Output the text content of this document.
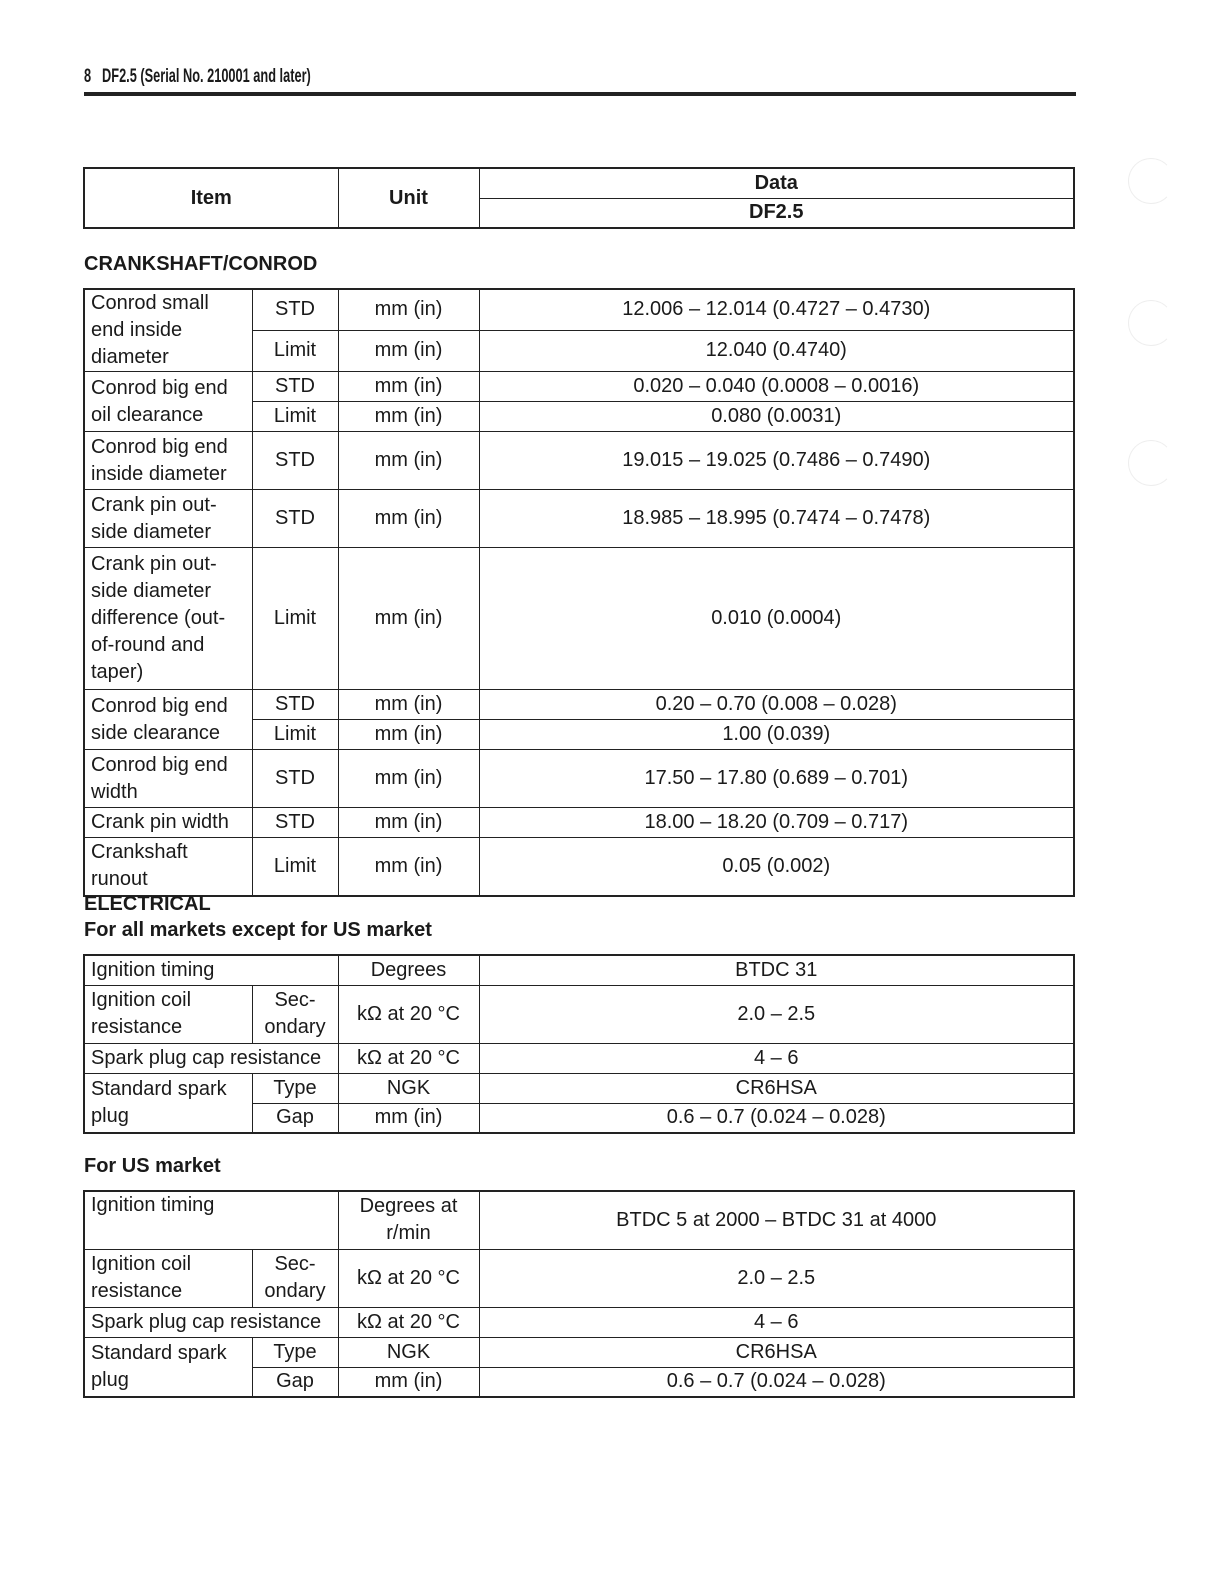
8 DF2.5 (Serial No. 210001 and later)
Item	Unit	Data
DF2.5
CRANKSHAFT/CONROD
Conrod small end inside diameter	STD	mm (in)	12.006 – 12.014 (0.4727 – 0.4730)
	Limit	mm (in)	12.040 (0.4740)
Conrod big end oil clearance	STD	mm (in)	0.020 – 0.040 (0.0008 – 0.0016)
	Limit	mm (in)	0.080 (0.0031)
Conrod big end inside diameter	STD	mm (in)	19.015 – 19.025 (0.7486 – 0.7490)
Crank pin out-side diameter	STD	mm (in)	18.985 – 18.995 (0.7474 – 0.7478)
Crank pin out-side diameter difference (out-of-round and taper)	Limit	mm (in)	0.010 (0.0004)
Conrod big end side clearance	STD	mm (in)	0.20 – 0.70 (0.008 – 0.028)
	Limit	mm (in)	1.00 (0.039)
Conrod big end width	STD	mm (in)	17.50 – 17.80 (0.689 – 0.701)
Crank pin width	STD	mm (in)	18.00 – 18.20 (0.709 – 0.717)
Crankshaft runout	Limit	mm (in)	0.05 (0.002)
ELECTRICAL
For all markets except for US market
Ignition timing		Degrees	BTDC 31
Ignition coil resistance	Sec-ondary	kΩ at 20 °C	2.0 – 2.5
Spark plug cap resistance		kΩ at 20 °C	4 – 6
Standard spark plug	Type	NGK	CR6HSA
	Gap	mm (in)	0.6 – 0.7 (0.024 – 0.028)
For US market
Ignition timing		Degrees at r/min	BTDC 5 at 2000 – BTDC 31 at 4000
Ignition coil resistance	Sec-ondary	kΩ at 20 °C	2.0 – 2.5
Spark plug cap resistance		kΩ at 20 °C	4 – 6
Standard spark plug	Type	NGK	CR6HSA
	Gap	mm (in)	0.6 – 0.7 (0.024 – 0.028)
